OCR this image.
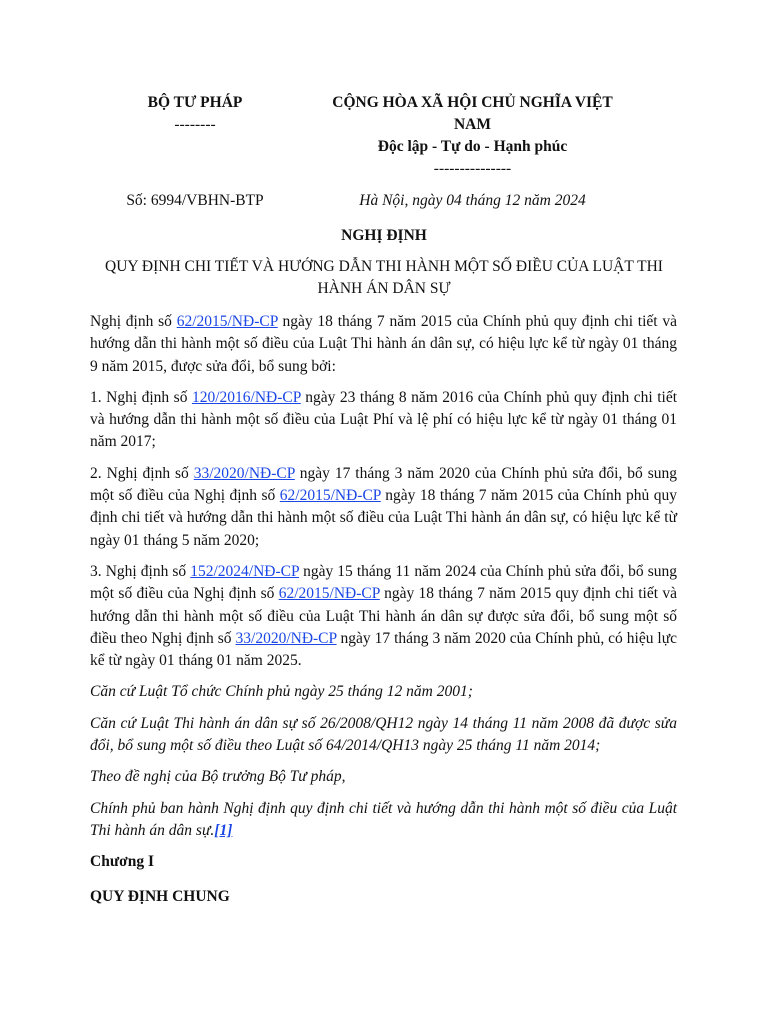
BỘ TƯ PHÁP
--------
CỘNG HÒA XÃ HỘI CHỦ NGHĨA VIỆT
NAM
Độc lập - Tự do - Hạnh phúc
---------------
Số: 6994/VBHN-BTP	Hà Nội, ngày 04 tháng 12 năm 2024
NGHỊ ĐỊNH
QUY ĐỊNH CHI TIẾT VÀ HƯỚNG DẪN THI HÀNH MỘT SỐ ĐIỀU CỦA LUẬT THI HÀNH ÁN DÂN SỰ

Nghị định số 62/2015/NĐ-CP ngày 18 tháng 7 năm 2015 của Chính phủ quy định chi tiết và hướng dẫn thi hành một số điều của Luật Thi hành án dân sự, có hiệu lực kể từ ngày 01 tháng 9 năm 2015, được sửa đổi, bổ sung bởi:

1. Nghị định số 120/2016/NĐ-CP ngày 23 tháng 8 năm 2016 của Chính phủ quy định chi tiết và hướng dẫn thi hành một số điều của Luật Phí và lệ phí có hiệu lực kể từ ngày 01 tháng 01 năm 2017;

2. Nghị định số 33/2020/NĐ-CP ngày 17 tháng 3 năm 2020 của Chính phủ sửa đổi, bổ sung một số điều của Nghị định số 62/2015/NĐ-CP ngày 18 tháng 7 năm 2015 của Chính phủ quy định chi tiết và hướng dẫn thi hành một số điều của Luật Thi hành án dân sự, có hiệu lực kể từ ngày 01 tháng 5 năm 2020;

3. Nghị định số 152/2024/NĐ-CP ngày 15 tháng 11 năm 2024 của Chính phủ sửa đổi, bổ sung một số điều của Nghị định số 62/2015/NĐ-CP ngày 18 tháng 7 năm 2015 quy định chi tiết và hướng dẫn thi hành một số điều của Luật Thi hành án dân sự được sửa đổi, bổ sung một số điều theo Nghị định số 33/2020/NĐ-CP ngày 17 tháng 3 năm 2020 của Chính phủ, có hiệu lực kể từ ngày 01 tháng 01 năm 2025.

Căn cứ Luật Tổ chức Chính phủ ngày 25 tháng 12 năm 2001;

Căn cứ Luật Thi hành án dân sự số 26/2008/QH12 ngày 14 tháng 11 năm 2008 đã được sửa đổi, bổ sung một số điều theo Luật số 64/2014/QH13 ngày 25 tháng 11 năm 2014;

Theo đề nghị của Bộ trưởng Bộ Tư pháp,

Chính phủ ban hành Nghị định quy định chi tiết và hướng dẫn thi hành một số điều của Luật Thi hành án dân sự.[1]

Chương I

QUY ĐỊNH CHUNG
